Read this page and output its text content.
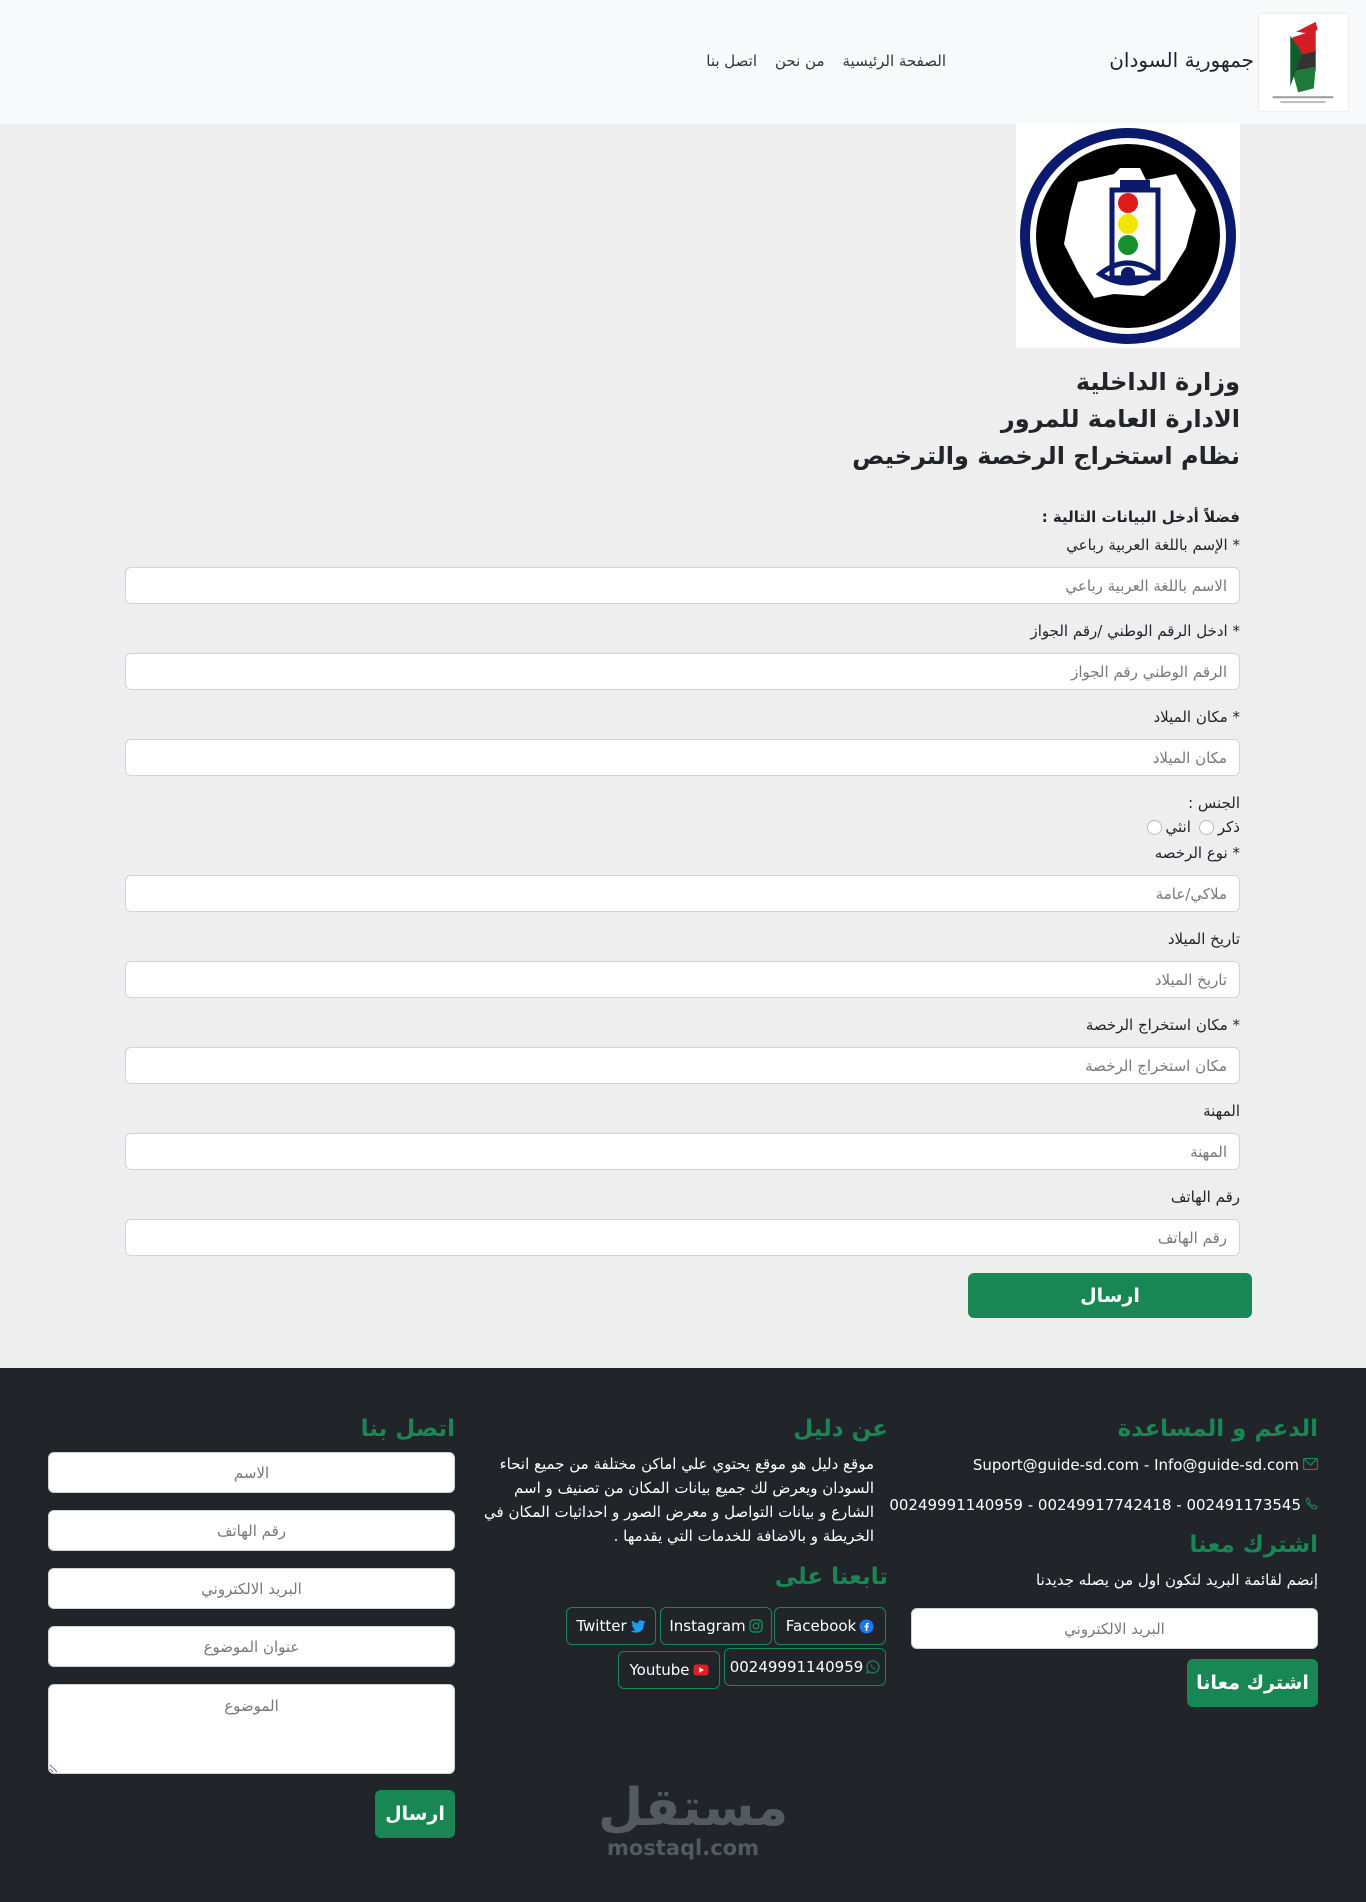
جمهورية السودان
الصفحة الرئيسية
من نحن
اتصل بنا
وزارة الداخلية
الادارة العامة للمرور
نظام استخراج الرخصة والترخيص
فضلاً أدخل البيانات التالية :
* الإسم باللغة العربية رباعي
الاسم باللغة العربية رباعي
* ادخل الرقم الوطني /رقم الجواز
الرقم الوطني رقم الجواز
* مكان الميلاد
مكان الميلاد
الجنس :
ذكر
انثي
* نوع الرخصه
ملاكي/عامة
تاريخ الميلاد
تاريخ الميلاد
* مكان استخراج الرخصة
مكان استخراج الرخصة
المهنة
المهنة
رقم الهاتف
رقم الهاتف
ارسال
الدعم و المساعدة
Suport@guide-sd.com - Info@guide-sd.com
002491173545 - 00249917742418 - 00249991140959
اشترك معنا
إنضم لقائمة البريد لتكون اول من يصله جديدنا
البريد الالكتروني
اشترك معانا
عن دليل
موقع دليل هو موقع يحتوي علي اماكن مختلفة من جميع انحاء السودان ويعرض لك جميع بيانات المكان من تصنيف و اسم الشارع و بيانات التواصل و معرض الصور و احداثيات المكان في الخريطة و بالاضافة للخدمات التي يقدمها .
تابعنا على
Facebook
Instagram
Twitter
00249991140959
Youtube
اتصل بنا
الاسم
رقم الهاتف
البريد الالكتروني
عنوان الموضوع
الموضوع
ارسال	مستقل
mostaql.com
